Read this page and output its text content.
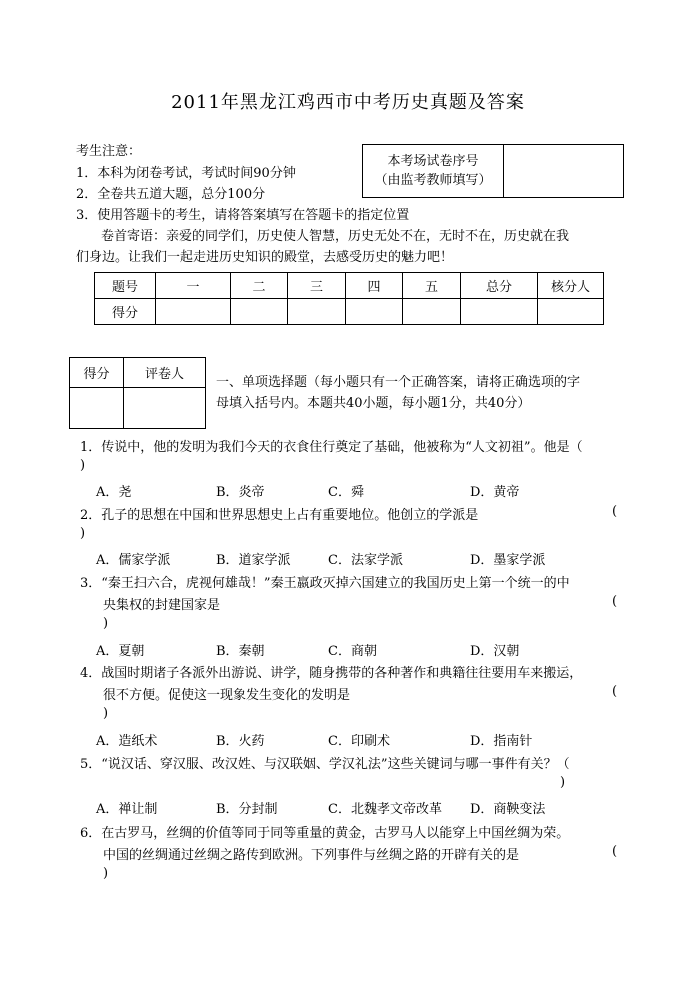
2011年黑龙江鸡西市中考历史真题及答案
考生注意：
1．本科为闭卷考试，考试时间90分钟
2．全卷共五道大题，总分100分
3．使用答题卡的考生，请将答案填写在答题卡的指定位置
卷首寄语：亲爱的同学们，历史使人智慧，历史无处不在，无时不在，历史就在我
们身边。让我们一起走进历史知识的殿堂，去感受历史的魅力吧！
本考场试卷序号
（由监考教师填写）

题号	一	二	三	四	五	总分	核分人
得分							
得分	评卷人

一、单项选择题（每小题只有一个正确答案，请将正确选项的字
母填入括号内。本题共40小题，每小题1分，共40分）
1．传说中，他的发明为我们今天的衣食住行奠定了基础，他被称为“人文初祖”。他是（
)
A．尧	B．炎帝	C．舜	D．黄帝
2．孔子的思想在中国和世界思想史上占有重要地位。他创立的学派是	(
)
A．儒家学派	B．道家学派	C．法家学派	D．墨家学派
3．“秦王扫六合，虎视何雄哉！”秦王嬴政灭掉六国建立的我国历史上第一个统一的中
央集权的封建国家是	(
)
A．夏朝	B．秦朝	C．商朝	D．汉朝
4．战国时期诸子各派外出游说、讲学，随身携带的各种著作和典籍往往要用车来搬运，
很不方便。促使这一现象发生变化的发明是	(
)
A．造纸术	B．火药	C．印刷术	D．指南针
5．“说汉话、穿汉服、改汉姓、与汉联姻、学汉礼法”这些关键词与哪一事件有关？（
)
A．禅让制	B．分封制	C．北魏孝文帝改革 D．商鞅变法
6．在古罗马，丝绸的价值等同于同等重量的黄金，古罗马人以能穿上中国丝绸为荣。
中国的丝绸通过丝绸之路传到欧洲。下列事件与丝绸之路的开辟有关的是	(
)
